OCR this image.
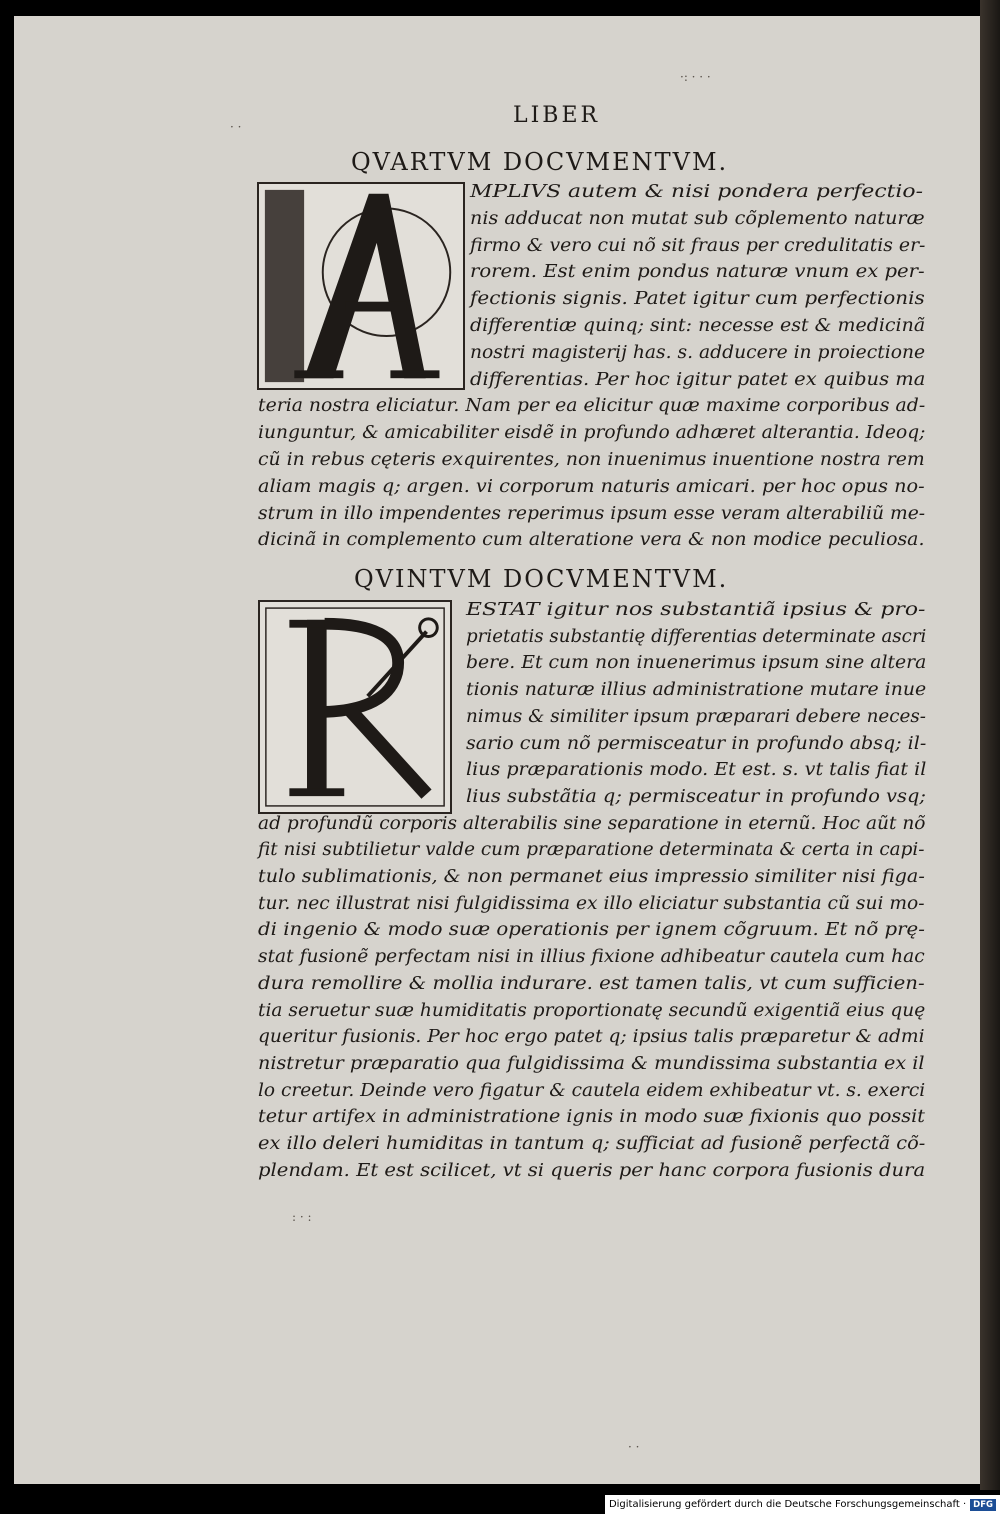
· ·
·: · · ·
: · :
· ·
LIBER
QVARTVM DOCVMENTVM.
QVINTVM DOCVMENTVM.
MPLIVS autem & nisi pondera perfectio-
nis adducat non mutat sub cõplemento naturæ
firmo & vero cui nõ sit fraus per credulitatis er-
rorem. Est enim pondus naturæ vnum ex per-
fectionis signis. Patet igitur cum perfectionis
differentiæ quinq; sint: necesse est & medicinã
nostri magisterij has. s. adducere in proiectione
differentias. Per hoc igitur patet ex quibus ma
teria nostra eliciatur. Nam per ea elicitur quæ maxime corporibus ad-
iunguntur, & amicabiliter eisdẽ in profundo adhæret alterantia. Ideoq;
cũ in rebus cęteris exquirentes, non inuenimus inuentione nostra rem
aliam magis q; argen. vi corporum naturis amicari. per hoc opus no-
strum in illo impendentes reperimus ipsum esse veram alterabiliũ me-
dicinã in complemento cum alteratione vera & non modice peculiosa.
ESTAT igitur nos substantiã ipsius & pro-
prietatis substantię differentias determinate ascri
bere. Et cum non inuenerimus ipsum sine altera
tionis naturæ illius administratione mutare inue
nimus & similiter ipsum præparari debere neces-
sario cum nõ permisceatur in profundo absq; il-
lius præparationis modo. Et est. s. vt talis fiat il
lius substãtia q; permisceatur in profundo vsq;
ad profundũ corporis alterabilis sine separatione in eternũ. Hoc aũt nõ
fit nisi subtilietur valde cum præparatione determinata & certa in capi-
tulo sublimationis, & non permanet eius impressio similiter nisi figa-
tur. nec illustrat nisi fulgidissima ex illo eliciatur substantia cũ sui mo-
di ingenio & modo suæ operationis per ignem cõgruum. Et nõ prę-
stat fusionẽ perfectam nisi in illius fixione adhibeatur cautela cum hac
dura remollire & mollia indurare. est tamen talis, vt cum sufficien-
tia seruetur suæ humiditatis proportionatę secundũ exigentiã eius quę
queritur fusionis. Per hoc ergo patet q; ipsius talis præparetur & admi
nistretur præparatio qua fulgidissima & mundissima substantia ex il
lo creetur. Deinde vero figatur & cautela eidem exhibeatur vt. s. exerci
tetur artifex in administratione ignis in modo suæ fixionis quo possit
ex illo deleri humiditas in tantum q; sufficiat ad fusionẽ perfectã cõ-
plendam. Et est scilicet, vt si queris per hanc corpora fusionis dura
Digitalisierung gefördert durch die Deutsche Forschungsgemeinschaft · DFG
